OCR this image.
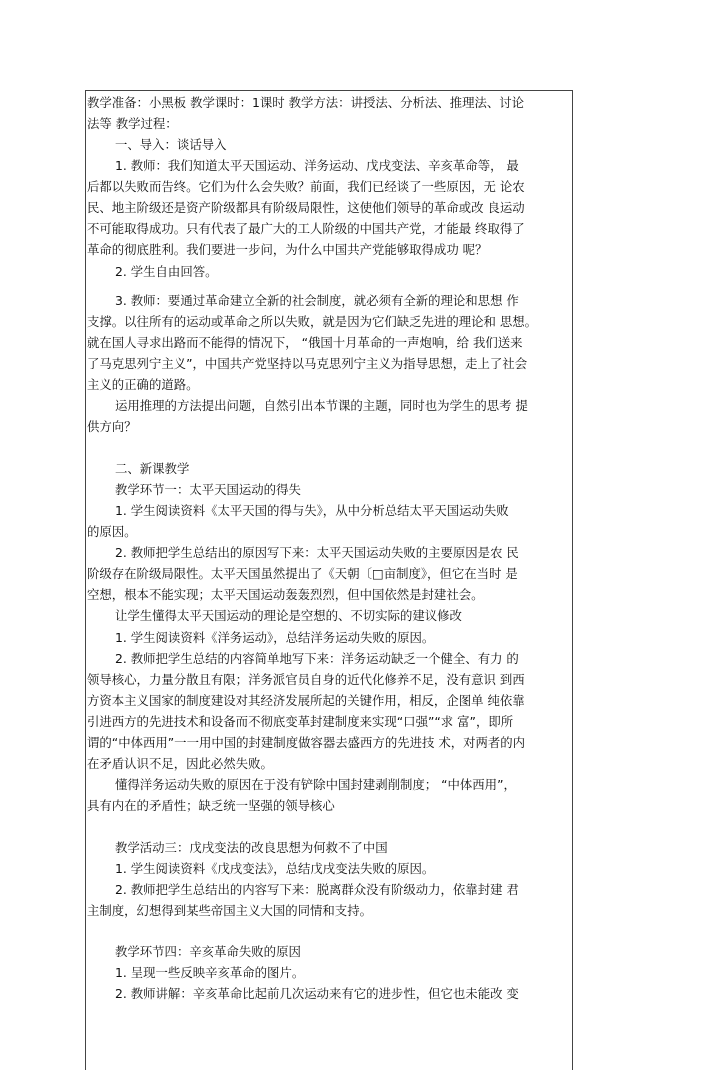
教学准备：小黑板 教学课时：1课时 教学方法：讲授法、分析法、推理法、讨论
法等 教学过程：
一、导入：谈话导入
1. 教师：我们知道太平天国运动、洋务运动、戊戌变法、辛亥革命等， 最
后都以失败而告终。它们为什么会失败？前面，我们已经谈了一些原因，无 论农
民、地主阶级还是资产阶级都具有阶级局限性，这使他们领导的革命或改 良运动
不可能取得成功。只有代表了最广大的工人阶级的中国共产党，才能最 终取得了
革命的彻底胜利。我们要进一步问，为什么中国共产党能够取得成功 呢？
2. 学生自由回答。
3. 教师：要通过革命建立全新的社会制度，就必须有全新的理论和思想 作
支撑。以往所有的运动或革命之所以失败，就是因为它们缺乏先进的理论和 思想。
就在国人寻求出路而不能得的情况下， “俄国十月革命的一声炮响，给 我们送来
了马克思列宁主义”，中国共产党坚持以马克思列宁主义为指导思想，走上了社会
主义的正确的道路。
运用推理的方法提出问题，自然引出本节课的主题，同时也为学生的思考 提
供方向？
二、新课教学
教学环节一：太平天国运动的得失
1. 学生阅读资料《太平天国的得与失》，从中分析总结太平天国运动失败
的原因。
2. 教师把学生总结出的原因写下来：太平天国运动失败的主要原因是农 民
阶级存在阶级局限性。太平天国虽然提出了《天朝〔□亩制度》，但它在当时 是
空想，根本不能实现；太平天国运动轰轰烈烈，但中国依然是封建社会。
让学生懂得太平天国运动的理论是空想的、不切实际的建议修改
1. 学生阅读资料《洋务运动》，总结洋务运动失败的原因。
2. 教师把学生总结的内容简单地写下来：洋务运动缺乏一个健全、有力 的
领导核心，力量分散且有限；洋务派官员自身的近代化修养不足，没有意识 到西
方资本主义国家的制度建设对其经济发展所起的关键作用，相反，企图单 纯依靠
引进西方的先进技术和设备而不彻底变革封建制度来实现“口强”“求 富”，即所
谓的“中体西用”一一用中国的封建制度做容器去盛西方的先进技 术，对两者的内
在矛盾认识不足，因此必然失败。
懂得洋务运动失败的原因在于没有铲除中国封建剥削制度； “中体西用”，
具有内在的矛盾性；缺乏统一坚强的领导核心
教学活动三：戊戌变法的改良思想为何救不了中国
1. 学生阅读资料《戊戌变法》，总结戊戌变法失败的原因。
2. 教师把学生总结出的内容写下来：脱离群众没有阶级动力，依靠封建 君
主制度，幻想得到某些帝国主义大国的同情和支持。
教学环节四：辛亥革命失败的原因
1. 呈现一些反映辛亥革命的图片。
2. 教师讲解：辛亥革命比起前几次运动来有它的进步性，但它也未能改 变
